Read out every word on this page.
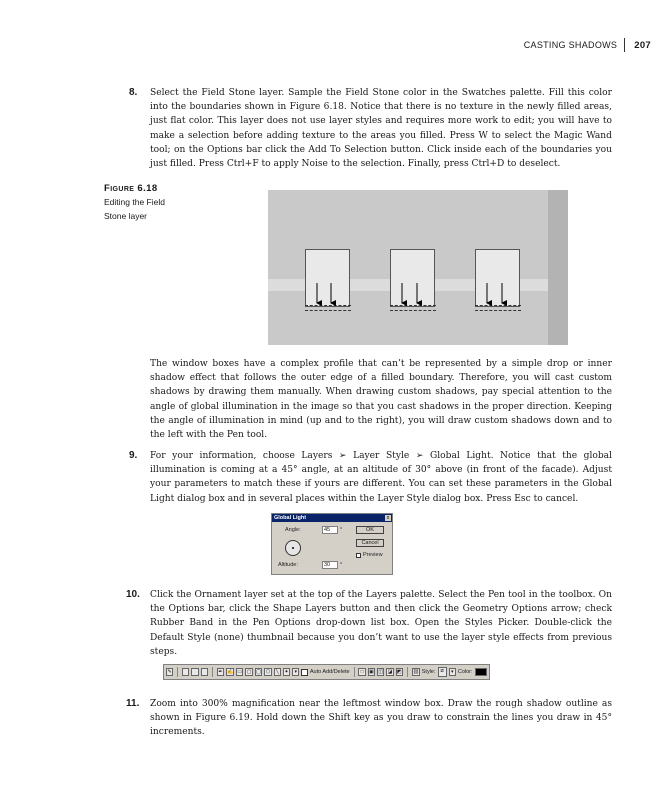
CASTING SHADOWS 207
8. Select the Field Stone layer. Sample the Field Stone color in the Swatches palette. Fill this color into the boundaries shown in Figure 6.18. Notice that there is no texture in the newly filled areas, just flat color. This layer does not use layer styles and requires more work to edit; you will have to make a selection before adding texture to the areas you filled. Press W to select the Magic Wand tool; on the Options bar click the Add To Selection button. Click inside each of the boundaries you just filled. Press Ctrl+F to apply Noise to the selection. Finally, press Ctrl+D to deselect.
Figure 6.18
Editing the Field
Stone layer
The window boxes have a complex profile that can’t be represented by a simple drop or inner shadow effect that follows the outer edge of a filled boundary. Therefore, you will cast custom shadows by drawing them manually. When drawing custom shadows, pay special attention to the angle of global illumination in the image so that you cast shadows in the proper direction. Keeping the angle of illumination in mind (up and to the right), you will draw custom shadows down and to the left with the Pen tool.
9. For your information, choose Layers ➢ Layer Style ➢ Global Light. Notice that the global illumination is coming at a 45° angle, at an altitude of 30° above (in front of the facade). Adjust your parameters to match these if yours are different. You can set these parameters in the Global Light dialog box and in several places within the Layer Style dialog box. Press Esc to cancel.
Global Light	x
Angle:	45	°
Altitude:	30	°
OK
Cancel
Preview
10. Click the Ornament layer set at the top of the Layers palette. Select the Pen tool in the toolbox. On the Options bar, click the Shape Layers button and then click the Geometry Options arrow; check Rubber Band in the Pen Options drop-down list box. Open the Styles Picker. Double-click the Default Style (none) thumbnail because you don’t want to use the layer style effects from previous steps.
✎	✒ ✍ ▭ ▢ ◯ ⬠	╲	✦	▾	Auto Add/Delete	□	▣ ◫ ◪ ◩ ⛓ Style: ⧄	▾ Color:
11. Zoom into 300% magnification near the leftmost window box. Draw the rough shadow outline as shown in Figure 6.19. Hold down the Shift key as you draw to constrain the lines you draw in 45° increments.
